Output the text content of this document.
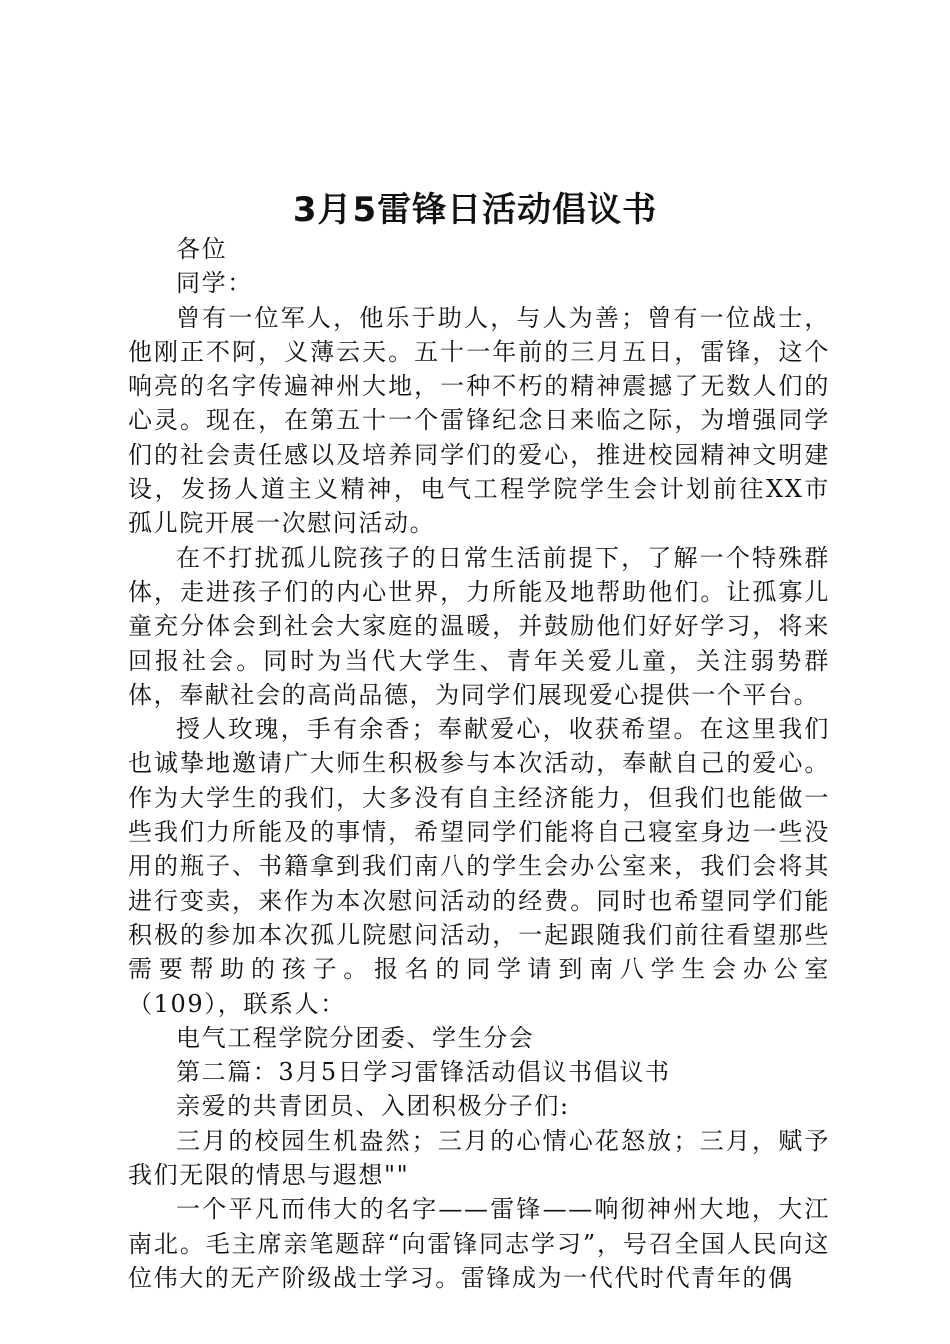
3月5雷锋日活动倡议书

各位

同学：

曾有一位军人，他乐于助人，与人为善；曾有一位战士，他刚正不阿，义薄云天。五十一年前的三月五日，雷锋，这个响亮的名字传遍神州大地，一种不朽的精神震撼了无数人们的心灵。现在，在第五十一个雷锋纪念日来临之际，为增强同学们的社会责任感以及培养同学们的爱心，推进校园精神文明建设，发扬人道主义精神，电气工程学院学生会计划前往XX市孤儿院开展一次慰问活动。

在不打扰孤儿院孩子的日常生活前提下，了解一个特殊群体，走进孩子们的内心世界，力所能及地帮助他们。让孤寡儿童充分体会到社会大家庭的温暖，并鼓励他们好好学习，将来回报社会。同时为当代大学生、青年关爱儿童，关注弱势群体，奉献社会的高尚品德，为同学们展现爱心提供一个平台。

授人玫瑰，手有余香；奉献爱心，收获希望。在这里我们也诚挚地邀请广大师生积极参与本次活动，奉献自己的爱心。作为大学生的我们，大多没有自主经济能力，但我们也能做一些我们力所能及的事情，希望同学们能将自己寝室身边一些没用的瓶子、书籍拿到我们南八的学生会办公室来，我们会将其进行变卖，来作为本次慰问活动的经费。同时也希望同学们能积极的参加本次孤儿院慰问活动，一起跟随我们前往看望那些需要帮助的孩子。报名的同学请到南八学生会办公室（109），联系人：

电气工程学院分团委、学生分会

第二篇：3月5日学习雷锋活动倡议书倡议书

亲爱的共青团员、入团积极分子们:

三月的校园生机盎然；三月的心情心花怒放；三月，赋予我们无限的情思与遐想""

一个平凡而伟大的名字——雷锋——响彻神州大地，大江南北。毛主席亲笔题辞“向雷锋同志学习”，号召全国人民向这位伟大的无产阶级战士学习。雷锋成为一代代时代青年的偶
